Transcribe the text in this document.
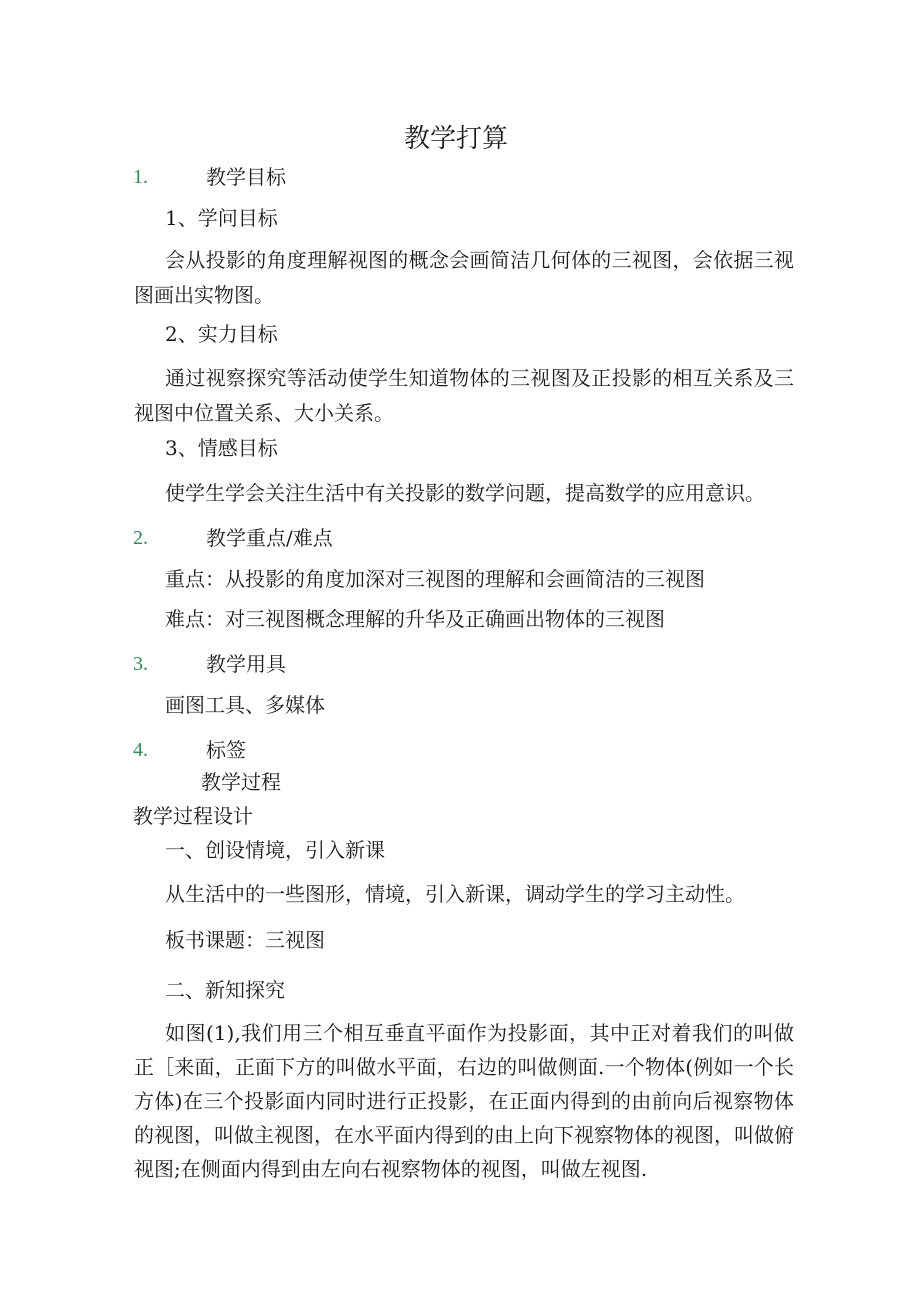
教学打算
1.	教学目标
1、学问目标
会从投影的角度理解视图的概念会画简洁几何体的三视图，会依据三视图画出实物图。
2、实力目标
通过视察探究等活动使学生知道物体的三视图及正投影的相互关系及三视图中位置关系、大小关系。
3、情感目标
使学生学会关注生活中有关投影的数学问题，提高数学的应用意识。
2.	教学重点/难点
重点：从投影的角度加深对三视图的理解和会画简洁的三视图
难点：对三视图概念理解的升华及正确画出物体的三视图
3.	教学用具
画图工具、多媒体
4.	标签
教学过程
教学过程设计
一、创设情境，引入新课
从生活中的一些图形，情境，引入新课，调动学生的学习主动性。
板书课题：三视图
二、新知探究
如图(1),我们用三个相互垂直平面作为投影面，其中正对着我们的叫做正［来面，正面下方的叫做水平面，右边的叫做侧面.一个物体(例如一个长方体)在三个投影面内同时进行正投影，在正面内得到的由前向后视察物体的视图，叫做主视图，在水平面内得到的由上向下视察物体的视图，叫做俯视图;在侧面内得到由左向右视察物体的视图，叫做左视图.
